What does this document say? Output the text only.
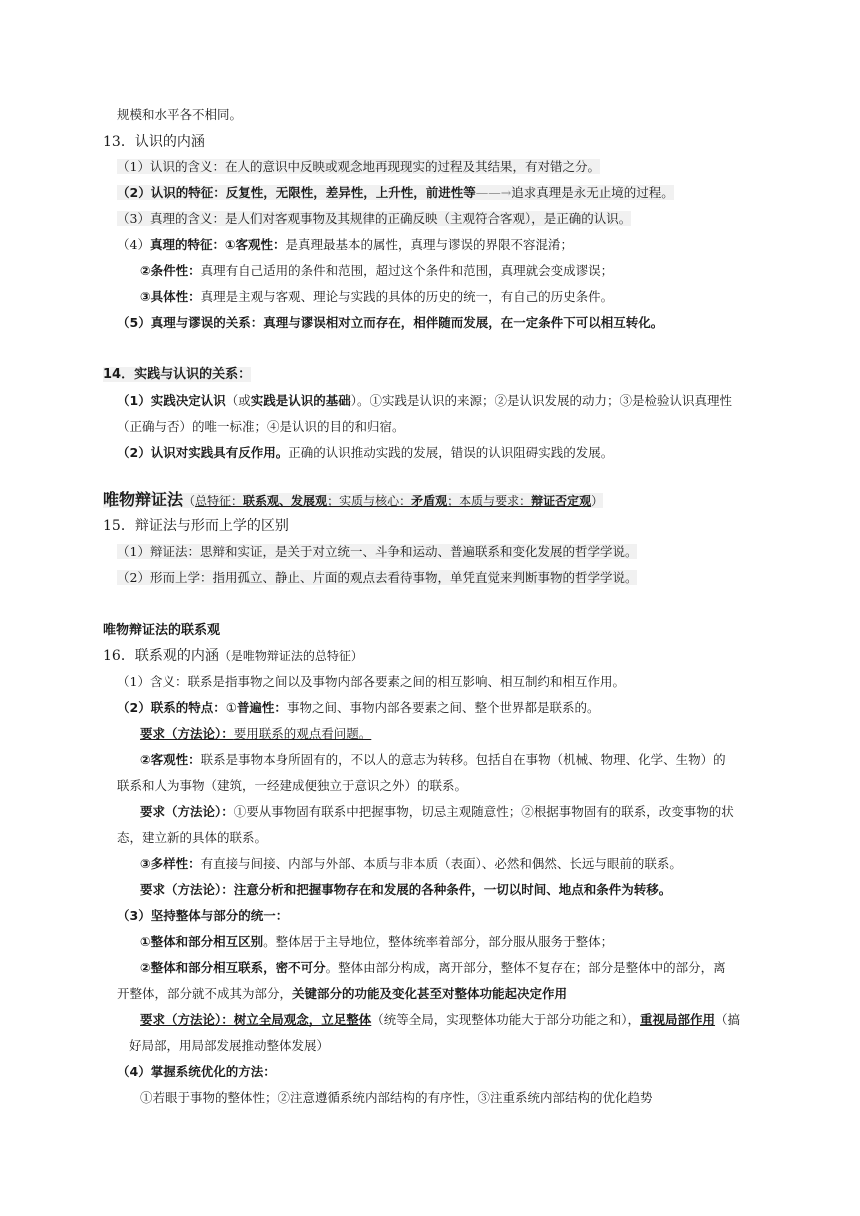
规模和水平各不相同。
13．认识的内涵
（1）认识的含义：在人的意识中反映或观念地再现现实的过程及其结果，有对错之分。
（2）认识的特征：反复性，无限性，差异性，上升性，前进性等——→追求真理是永无止境的过程。
（3）真理的含义：是人们对客观事物及其规律的正确反映（主观符合客观），是正确的认识。
（4）真理的特征：①客观性：是真理最基本的属性，真理与谬误的界限不容混淆；
②条件性：真理有自己适用的条件和范围，超过这个条件和范围，真理就会变成谬误；
③具体性：真理是主观与客观、理论与实践的具体的历史的统一，有自己的历史条件。
（5）真理与谬误的关系：真理与谬误相对立而存在，相伴随而发展，在一定条件下可以相互转化。
14．实践与认识的关系：
（1）实践决定认识（或实践是认识的基础）。①实践是认识的来源；②是认识发展的动力；③是检验认识真理性
（正确与否）的唯一标准；④是认识的目的和归宿。
（2）认识对实践具有反作用。正确的认识推动实践的发展，错误的认识阻碍实践的发展。
唯物辩证法（总特征：联系观、发展观；实质与核心：矛盾观；本质与要求：辩证否定观）
15．辩证法与形而上学的区别
（1）辩证法：思辩和实证，是关于对立统一、斗争和运动、普遍联系和变化发展的哲学学说。
（2）形而上学：指用孤立、静止、片面的观点去看待事物，单凭直觉来判断事物的哲学学说。
唯物辩证法的联系观
16．联系观的内涵（是唯物辩证法的总特征）
（1）含义：联系是指事物之间以及事物内部各要素之间的相互影响、相互制约和相互作用。
（2）联系的特点：①普遍性：事物之间、事物内部各要素之间、整个世界都是联系的。
要求（方法论）：要用联系的观点看问题。
②客观性：联系是事物本身所固有的，不以人的意志为转移。包括自在事物（机械、物理、化学、生物）的
联系和人为事物（建筑，一经建成便独立于意识之外）的联系。
要求（方法论）：①要从事物固有联系中把握事物，切忌主观随意性；②根据事物固有的联系，改变事物的状
态，建立新的具体的联系。
③多样性：有直接与间接、内部与外部、本质与非本质（表面）、必然和偶然、长远与眼前的联系。
要求（方法论）：注意分析和把握事物存在和发展的各种条件，一切以时间、地点和条件为转移。
（3）坚持整体与部分的统一：
①整体和部分相互区别。整体居于主导地位，整体统率着部分，部分服从服务于整体；
②整体和部分相互联系，密不可分。整体由部分构成，离开部分，整体不复存在；部分是整体中的部分，离
开整体，部分就不成其为部分，关键部分的功能及变化甚至对整体功能起决定作用
要求（方法论）：树立全局观念，立足整体（统等全局，实现整体功能大于部分功能之和），重视局部作用（搞
好局部，用局部发展推动整体发展）
（4）掌握系统优化的方法：
①若眼于事物的整体性；②注意遵循系统内部结构的有序性，③注重系统内部结构的优化趋势
